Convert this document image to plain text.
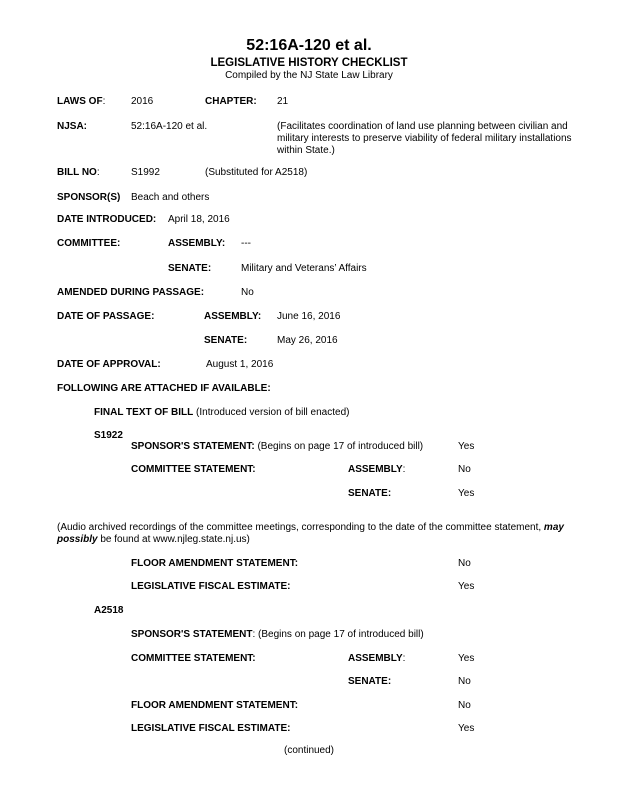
52:16A-120 et al.
LEGISLATIVE HISTORY CHECKLIST
Compiled by the NJ State Law Library
LAWS OF:	2016	CHAPTER: 21
NJSA:	52:16A-120 et al.	(Facilitates coordination of land use planning between civilian and military interests to preserve viability of federal military installations within State.)
BILL NO:	S1992	(Substituted for A2518)
SPONSOR(S) Beach and others
DATE INTRODUCED: April 18, 2016
COMMITTEE:	ASSEMBLY: ---
SENATE:	Military and Veterans’ Affairs
AMENDED DURING PASSAGE:	No
DATE OF PASSAGE:	ASSEMBLY: June 16, 2016
SENATE:	May 26, 2016
DATE OF APPROVAL:	August 1, 2016
FOLLOWING ARE ATTACHED IF AVAILABLE:
FINAL TEXT OF BILL (Introduced version of bill enacted)
S1922
SPONSOR'S STATEMENT: (Begins on page 17 of introduced bill)	Yes
COMMITTEE STATEMENT:	ASSEMBLY:	No
SENATE:	Yes
(Audio archived recordings of the committee meetings, corresponding to the date of the committee statement, may possibly be found at www.njleg.state.nj.us)
FLOOR AMENDMENT STATEMENT:	No
LEGISLATIVE FISCAL ESTIMATE:	Yes
A2518
SPONSOR'S STATEMENT: (Begins on page 17 of introduced bill)
COMMITTEE STATEMENT:	ASSEMBLY:	Yes
SENATE:	No
FLOOR AMENDMENT STATEMENT:	No
LEGISLATIVE FISCAL ESTIMATE:	Yes
(continued)
